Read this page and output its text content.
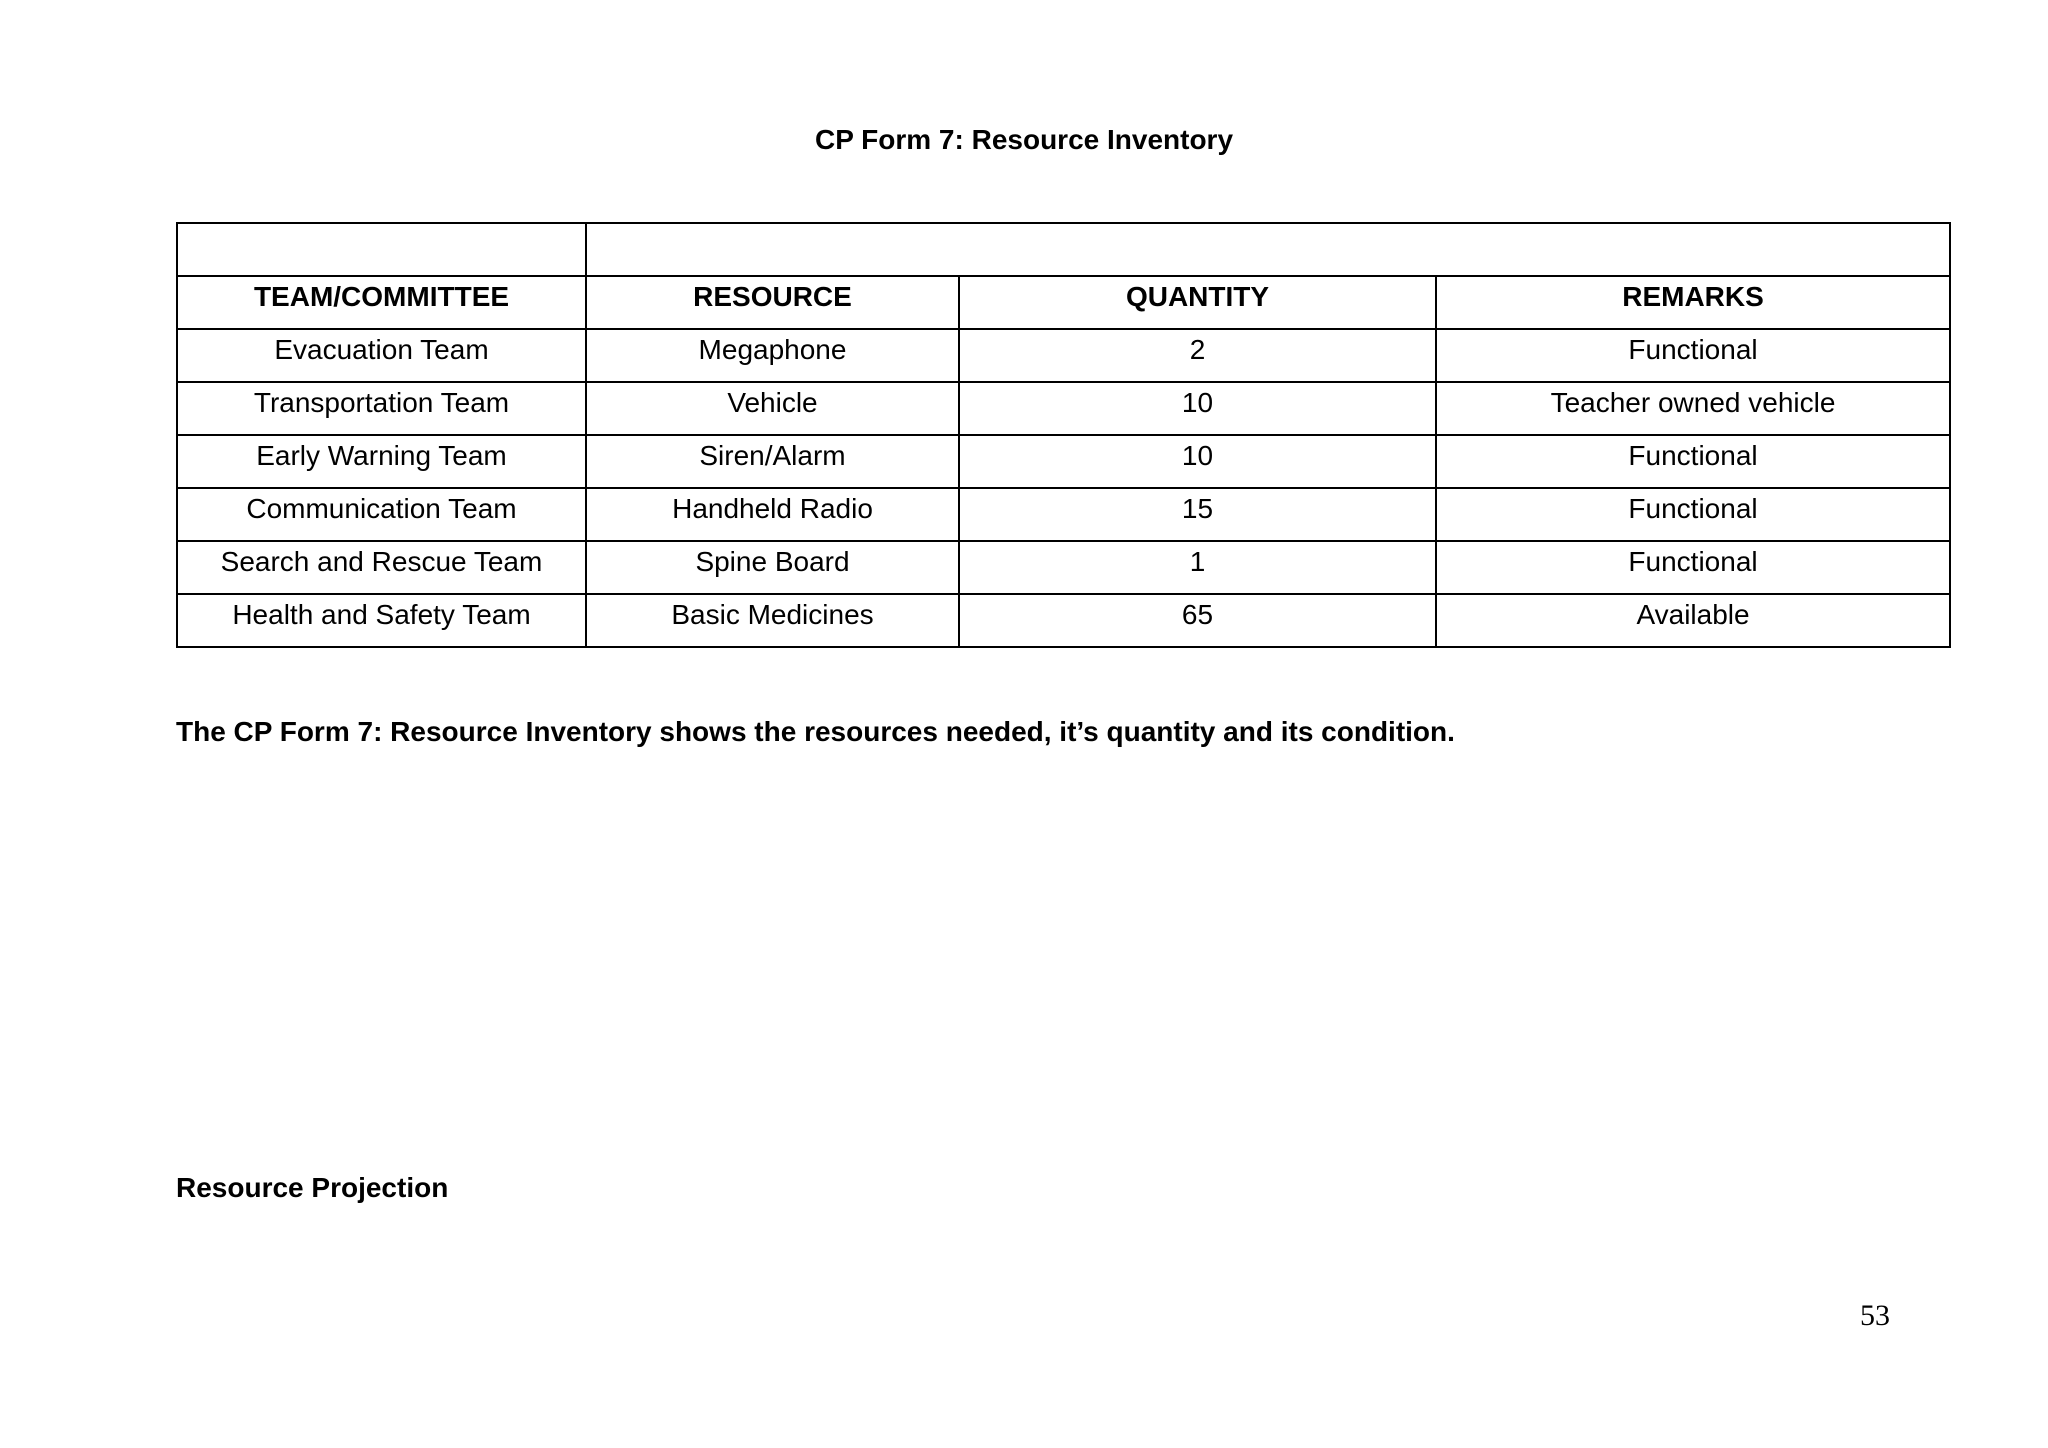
CP Form 7: Resource Inventory

TEAM/COMMITTEE	RESOURCE	QUANTITY	REMARKS
Evacuation Team	Megaphone	2	Functional
Transportation Team	Vehicle	10	Teacher owned vehicle
Early Warning Team	Siren/Alarm	10	Functional
Communication Team	Handheld Radio	15	Functional
Search and Rescue Team	Spine Board	1	Functional
Health and Safety Team	Basic Medicines	65	Available
The CP Form 7: Resource Inventory shows the resources needed, it’s quantity and its condition.
Resource Projection
53
